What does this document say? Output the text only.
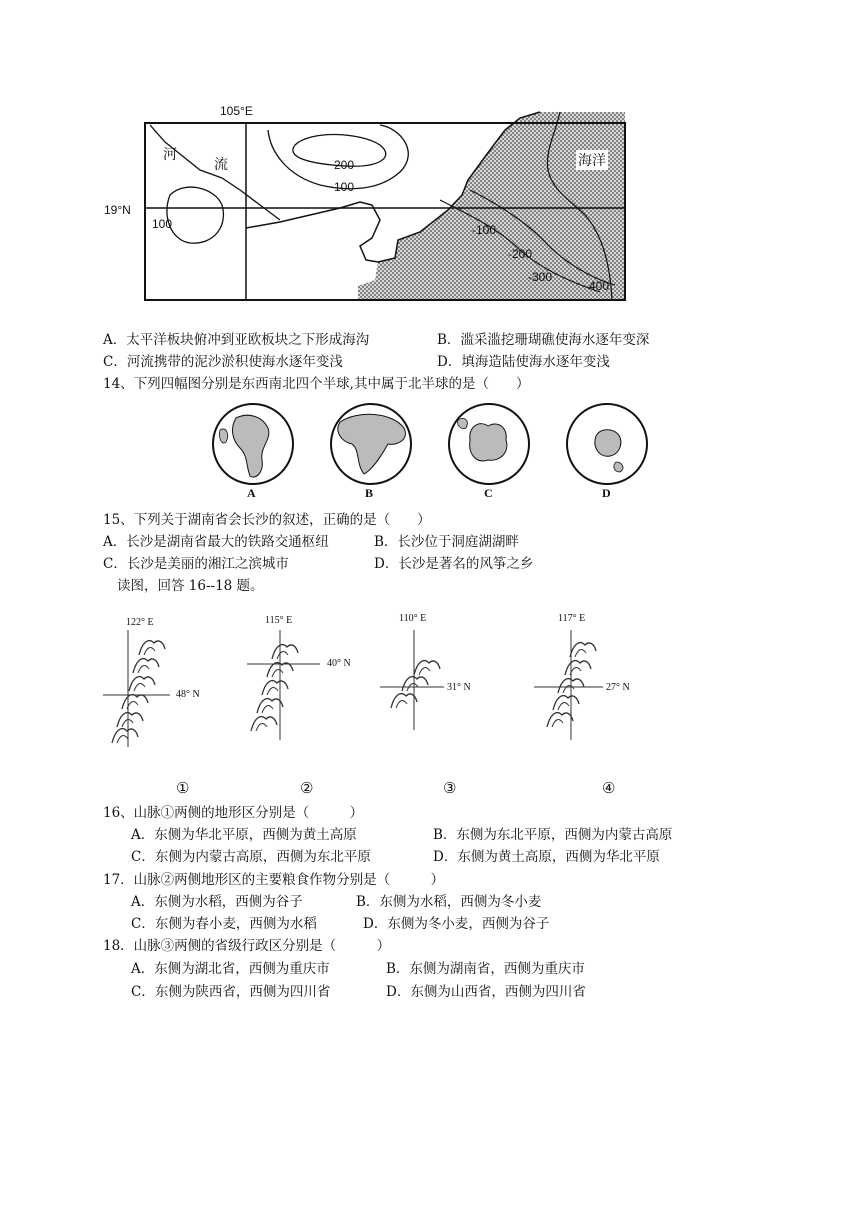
105°E
19°N
河
流	海洋
200
100
100	-100
-200
-300
-400
A．太平洋板块俯冲到亚欧板块之下形成海沟	B．滥采滥挖珊瑚礁使海水逐年变深
C．河流携带的泥沙淤积使海水逐年变浅	D．填海造陆使海水逐年变浅
14、下列四幅图分别是东西南北四个半球,其中属于北半球的是（　　）
A	B	C	D
15、下列关于湖南省会长沙的叙述，正确的是（　　）
A．长沙是湖南省最大的铁路交通枢纽	B．长沙位于洞庭湖湖畔
C．长沙是美丽的湘江之滨城市	D．长沙是著名的风筝之乡
读图，回答 16--18 题。
122° E
48° N
115° E
40° N
110° E
31° N
117° E
27° N
①	②	③	④
16、山脉①两侧的地形区分别是（　　　）
A．东侧为华北平原，西侧为黄土高原	B．东侧为东北平原，西侧为内蒙古高原
C．东侧为内蒙古高原，西侧为东北平原	D．东侧为黄土高原，西侧为华北平原
17．山脉②两侧地形区的主要粮食作物分别是（　　　）
A．东侧为水稻，西侧为谷子	B．东侧为水稻，西侧为冬小麦
C．东侧为春小麦，西侧为水稻	D．东侧为冬小麦，西侧为谷子
18．山脉③两侧的省级行政区分别是（　　　）
A．东侧为湖北省，西侧为重庆市	B．东侧为湖南省，西侧为重庆市
C．东侧为陕西省，西侧为四川省	D．东侧为山西省，西侧为四川省
